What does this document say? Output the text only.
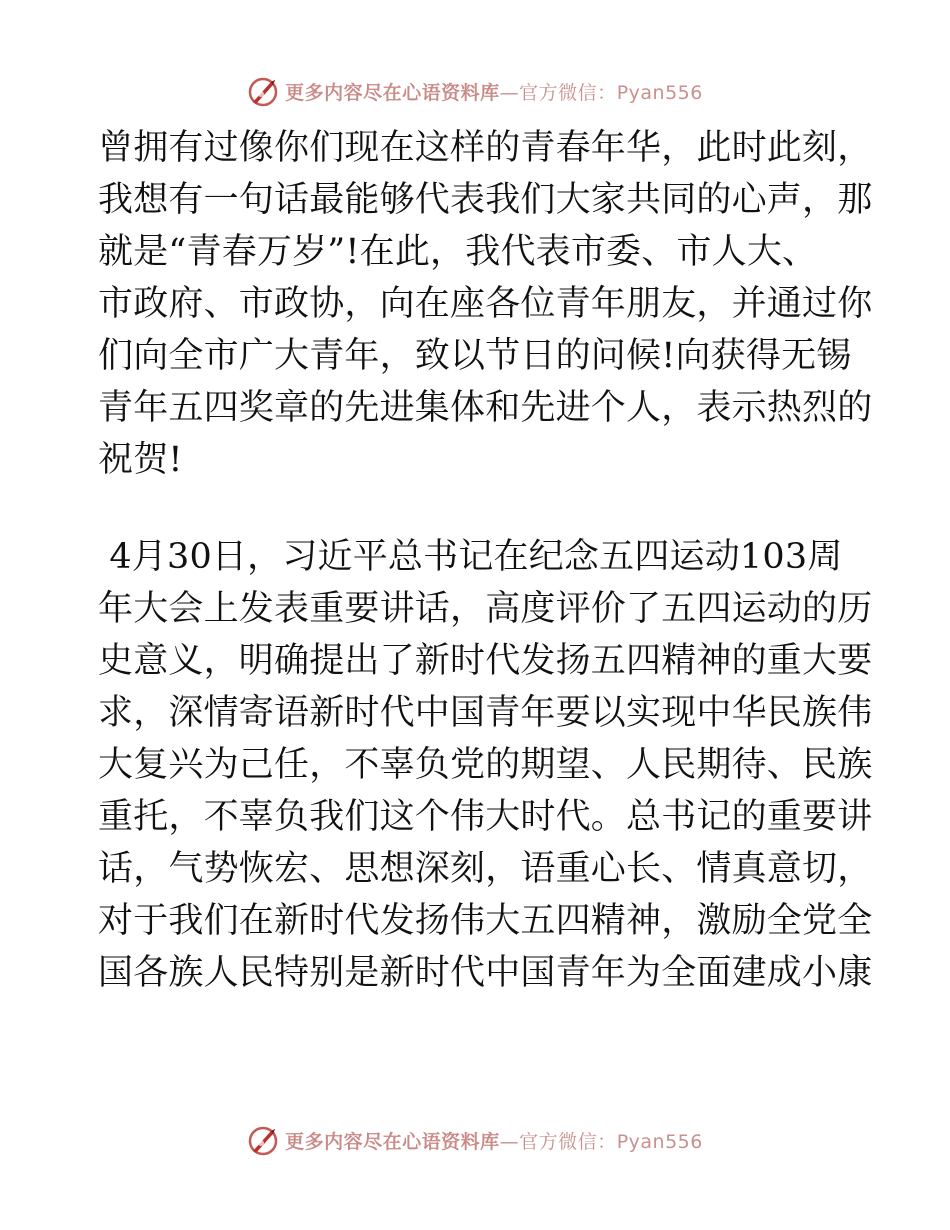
更多内容尽在心语资料库—官方微信：Pyan556
曾拥有过像你们现在这样的青春年华，此时此刻，
我想有一句话最能够代表我们大家共同的心声，那
就是“青春万岁”!在此，我代表市委、市人大、
市政府、市政协，向在座各位青年朋友，并通过你
们向全市广大青年，致以节日的问候!向获得无锡
青年五四奖章的先进集体和先进个人，表示热烈的
祝贺!
4月30日，习近平总书记在纪念五四运动103周
年大会上发表重要讲话，高度评价了五四运动的历
史意义，明确提出了新时代发扬五四精神的重大要
求，深情寄语新时代中国青年要以实现中华民族伟
大复兴为己任，不辜负党的期望、人民期待、民族
重托，不辜负我们这个伟大时代。总书记的重要讲
话，气势恢宏、思想深刻，语重心长、情真意切，
对于我们在新时代发扬伟大五四精神，激励全党全
国各族人民特别是新时代中国青年为全面建成小康
更多内容尽在心语资料库—官方微信：Pyan556
